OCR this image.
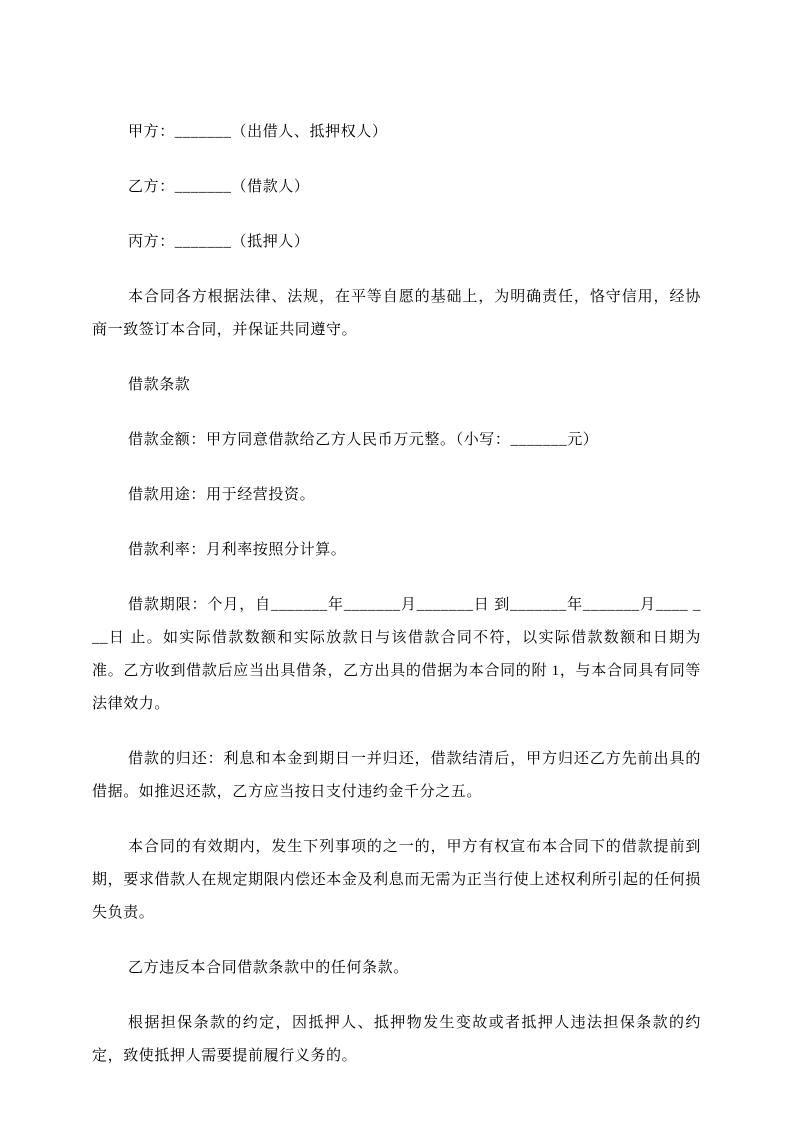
甲方：_______（出借人、抵押权人）

乙方：_______（借款人）

丙方：_______（抵押人）

本合同各方根据法律、法规，在平等自愿的基础上，为明确责任，恪守信用，经协商一致签订本合同，并保证共同遵守。

借款条款

借款金额：甲方同意借款给乙方人民币万元整。（小写：_______元）

借款用途：用于经营投资。

借款利率：月利率按照分计算。

借款期限：个月，自_______年_______月_______日 到_______年_______月____ ___日 止。如实际借款数额和实际放款日与该借款合同不符，以实际借款数额和日期为准。乙方收到借款后应当出具借条，乙方出具的借据为本合同的附 1，与本合同具有同等法律效力。

借款的归还：利息和本金到期日一并归还，借款结清后，甲方归还乙方先前出具的借据。如推迟还款，乙方应当按日支付违约金千分之五。

本合同的有效期内，发生下列事项的之一的，甲方有权宣布本合同下的借款提前到期，要求借款人在规定期限内偿还本金及利息而无需为正当行使上述权利所引起的任何损失负责。

乙方违反本合同借款条款中的任何条款。

根据担保条款的约定，因抵押人、抵押物发生变故或者抵押人违法担保条款的约定，致使抵押人需要提前履行义务的。
